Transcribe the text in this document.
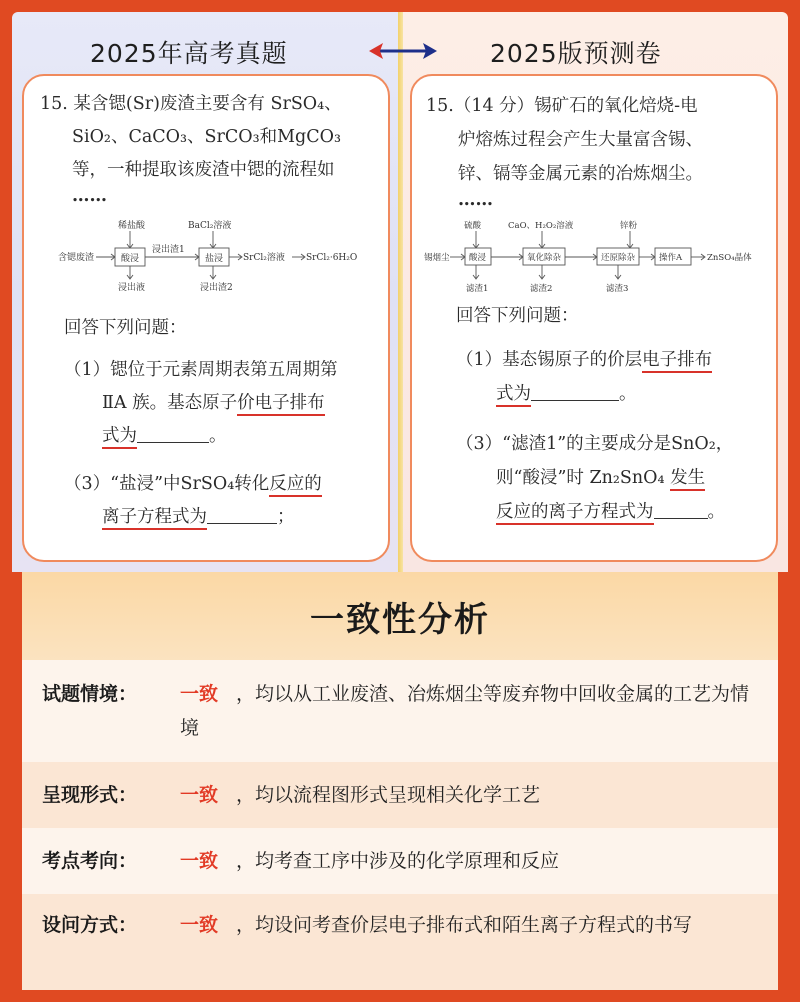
2025年高考真题	2025版预测卷
15. 某含锶(Sr)废渣主要含有 SrSO₄、
SiO₂、CaCO₃、SrCO₃和MgCO₃
等，一种提取该废渣中锶的流程如
……
含锶废渣
稀盐酸
酸浸
浸出液
浸出渣1
BaCl₂溶液
盐浸
浸出渣2
SrCl₂溶液 SrCl₂·6H₂O
回答下列问题：
（1）锶位于元素周期表第五周期第
ⅡA 族。基态原子价电子排布
式为	。
（3）“盐浸”中SrSO₄转化反应的
离子方程式为	；
15.（14 分）锡矿石的氧化焙烧-电
炉熔炼过程会产生大量富含锡、
锌、镉等金属元素的冶炼烟尘。
……
锡烟尘
硫酸
酸浸
滤渣1
CaO、H₂O₂溶液
氧化除杂
滤渣2
锌粉
还原除杂
滤渣3
操作A	ZnSO₄晶体
回答下列问题：
（1）基态锡原子的价层电子排布
式为	。
（3）“滤渣1”的主要成分是SnO₂，
则“酸浸”时 Zn₂SnO₄ 发生
反应的离子方程式为	。
一致性分析
试题情境： 一致 ，均以从工业废渣、冶炼烟尘等废弃物中回收金属的工艺为情境
呈现形式： 一致 ，均以流程图形式呈现相关化学工艺
考点考向： 一致 ，均考查工序中涉及的化学原理和反应
设问方式： 一致 ，均设问考查价层电子排布式和陌生离子方程式的书写
